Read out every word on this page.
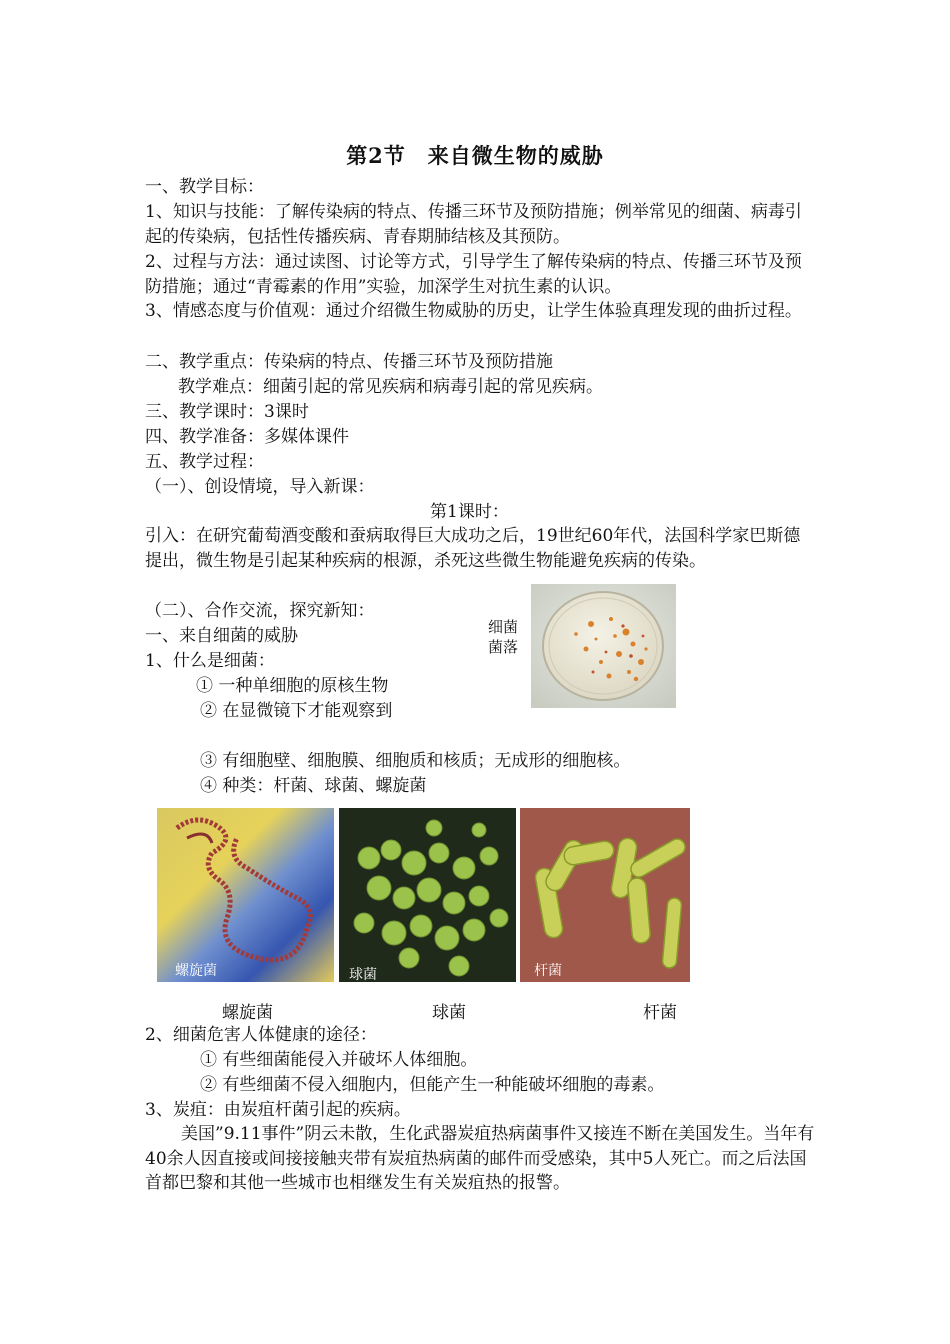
第2节　来自微生物的威胁
一、教学目标：
1、知识与技能：了解传染病的特点、传播三环节及预防措施；例举常见的细菌、病毒引起的传染病，包括性传播疾病、青春期肺结核及其预防。
2、过程与方法：通过读图、讨论等方式，引导学生了解传染病的特点、传播三环节及预防措施；通过“青霉素的作用”实验，加深学生对抗生素的认识。
3、情感态度与价值观：通过介绍微生物威胁的历史，让学生体验真理发现的曲折过程。
二、教学重点：传染病的特点、传播三环节及预防措施
教学难点：细菌引起的常见疾病和病毒引起的常见疾病。
三、教学课时：3课时
四、教学准备：多媒体课件
五、教学过程：
（一）、创设情境，导入新课：
第1课时：
引入：在研究葡萄酒变酸和蚕病取得巨大成功之后，19世纪60年代，法国科学家巴斯德提出，微生物是引起某种疾病的根源，杀死这些微生物能避免疾病的传染。
（二）、合作交流，探究新知：
一、来自细菌的威胁
1、什么是细菌：
① 一种单细胞的原核生物
② 在显微镜下才能观察到
③ 有细胞壁、细胞膜、细胞质和核质；无成形的细胞核。
④ 种类：杆菌、球菌、螺旋菌
细菌
菌落
螺旋菌	球菌	杆菌
螺旋菌	球菌	杆菌
2、细菌危害人体健康的途径：
① 有些细菌能侵入并破坏人体细胞。
② 有些细菌不侵入细胞内，但能产生一种能破坏细胞的毒素。
3、炭疽：由炭疽杆菌引起的疾病。
美国”9.11事件”阴云未散，生化武器炭疽热病菌事件又接连不断在美国发生。当年有40余人因直接或间接接触夹带有炭疽热病菌的邮件而受感染，其中5人死亡。而之后法国首都巴黎和其他一些城市也相继发生有关炭疽热的报警。
